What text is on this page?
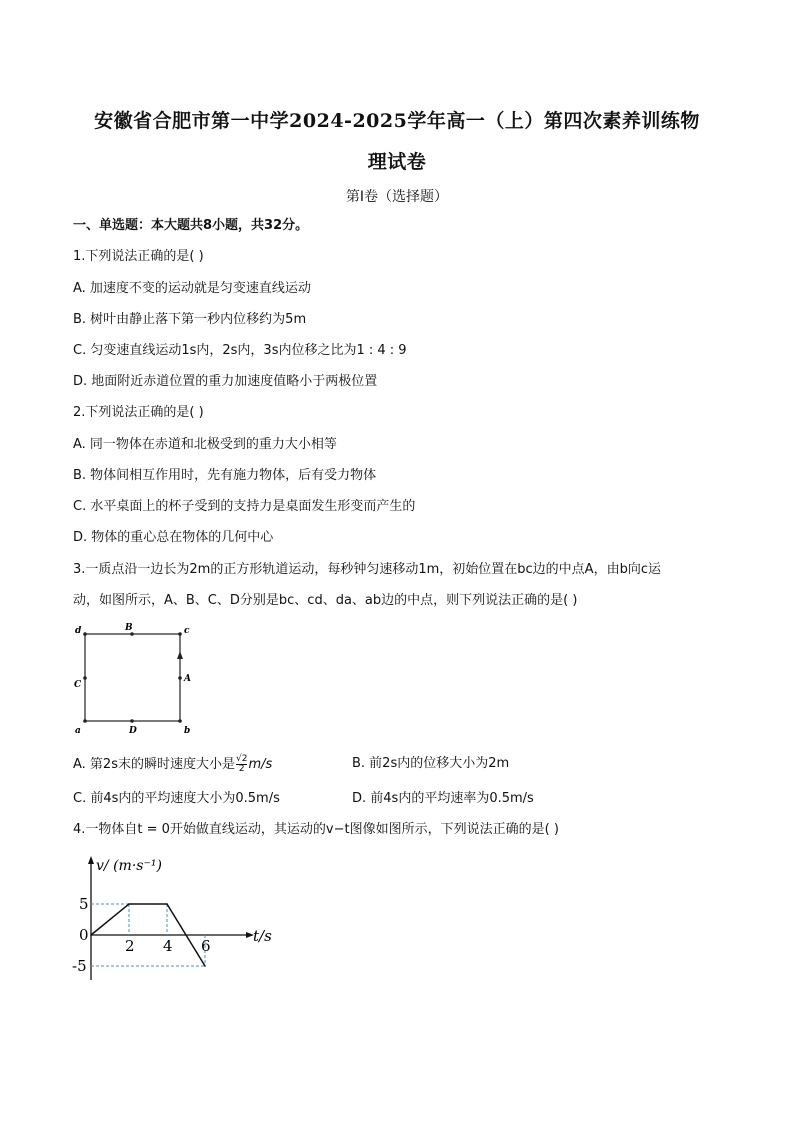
安徽省合肥市第一中学2024-2025学年高一（上）第四次素养训练物
理试卷
第I卷（选择题）
一、单选题：本大题共8小题，共32分。
1.下列说法正确的是( )
A. 加速度不变的运动就是匀变速直线运动
B. 树叶由静止落下第一秒内位移约为5m
C. 匀变速直线运动1s内，2s内，3s内位移之比为1 : 4 : 9
D. 地面附近赤道位置的重力加速度值略小于两极位置
2.下列说法正确的是( )
A. 同一物体在赤道和北极受到的重力大小相等
B. 物体间相互作用时，先有施力物体，后有受力物体
C. 水平桌面上的杯子受到的支持力是桌面发生形变而产生的
D. 物体的重心总在物体的几何中心
3.一质点沿一边长为2m的正方形轨道运动，每秒钟匀速移动1m，初始位置在bc边的中点A，由b向c运
动，如图所示，A、B、C、D分别是bc、cd、da、ab边的中点，则下列说法正确的是( )
d	c
a	b
B
C
A
D
A. 第2s末的瞬时速度大小是 $\frac{√2}{2} m/s$	B. 前2s内的位移大小为2m
C. 前4s内的平均速度大小为0.5m/s	D. 前4s内的平均速率为0.5m/s
4.一物体自t = 0开始做直线运动，其运动的v−t图像如图所示，下列说法正确的是( )
2 4 6
5
-5
0
v/ (m·s⁻¹)
t/s
